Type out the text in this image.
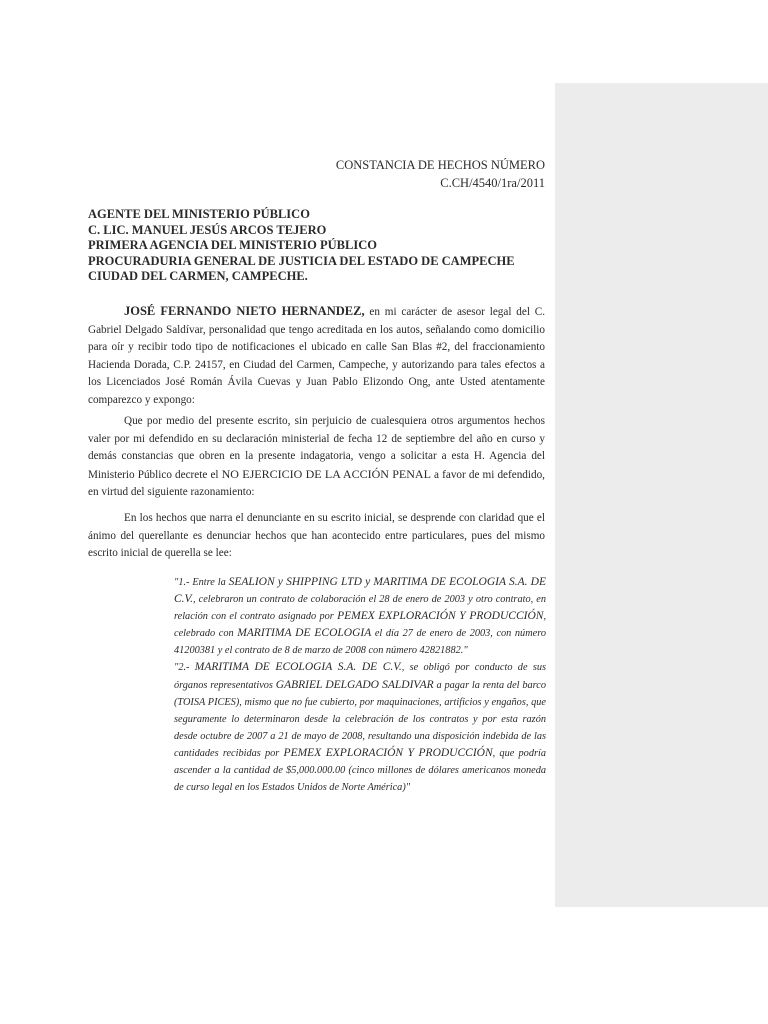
CONSTANCIA DE HECHOS NÚMERO
C.CH/4540/1ra/2011
AGENTE DEL MINISTERIO PÚBLICO
C. LIC. MANUEL JESÚS ARCOS TEJERO
PRIMERA AGENCIA DEL MINISTERIO PÚBLICO
PROCURADURIA GENERAL DE JUSTICIA DEL ESTADO DE CAMPECHE
CIUDAD DEL CARMEN, CAMPECHE.
JOSÉ FERNANDO NIETO HERNANDEZ, en mi carácter de asesor legal del C. Gabriel Delgado Saldívar, personalidad que tengo acreditada en los autos, señalando como domicilio para oír y recibir todo tipo de notificaciones el ubicado en calle San Blas #2, del fraccionamiento Hacienda Dorada, C.P. 24157, en Ciudad del Carmen, Campeche, y autorizando para tales efectos a los Licenciados José Román Ávila Cuevas y Juan Pablo Elizondo Ong, ante Usted atentamente comparezco y expongo:
Que por medio del presente escrito, sin perjuicio de cualesquiera otros argumentos hechos valer por mi defendido en su declaración ministerial de fecha 12 de septiembre del año en curso y demás constancias que obren en la presente indagatoria, vengo a solicitar a esta H. Agencia del Ministerio Público decrete el NO EJERCICIO DE LA ACCIÓN PENAL a favor de mi defendido, en virtud del siguiente razonamiento:
En los hechos que narra el denunciante en su escrito inicial, se desprende con claridad que el ánimo del querellante es denunciar hechos que han acontecido entre particulares, pues del mismo escrito inicial de querella se lee:

"1.- Entre la SEALION y SHIPPING LTD y MARITIMA DE ECOLOGIA S.A. DE C.V., celebraron un contrato de colaboración el 28 de enero de 2003 y otro contrato, en relación con el contrato asignado por PEMEX EXPLORACIÓN Y PRODUCCIÓN, celebrado con MARITIMA DE ECOLOGIA el día 27 de enero de 2003, con número 41200381 y el contrato de 8 de marzo de 2008 con número 42821882."

"2.- MARITIMA DE ECOLOGIA S.A. DE C.V., se obligó por conducto de sus órganos representativos GABRIEL DELGADO SALDIVAR a pagar la renta del barco (TOISA PICES), mismo que no fue cubierto, por maquinaciones, artificios y engaños, que seguramente lo determinaron desde la celebración de los contratos y por esta razón desde octubre de 2007 a 21 de mayo de 2008, resultando una disposición indebida de las cantidades recibidas por PEMEX EXPLORACIÓN Y PRODUCCIÓN, que podría ascender a la cantidad de $5,000.000.00 (cinco millones de dólares americanos moneda de curso legal en los Estados Unidos de Norte América)"
